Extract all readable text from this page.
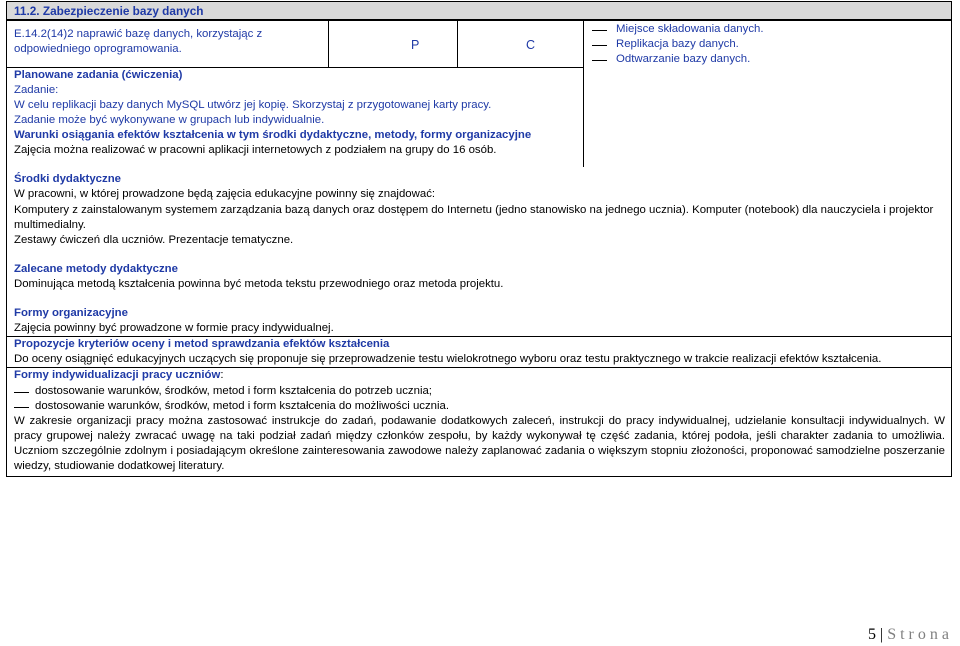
11.2. Zabezpieczenie bazy danych
E.14.2(14)2 naprawić bazę danych, korzystając z odpowiedniego oprogramowania.	P	C
Miejsce składowania danych.
Replikacja bazy danych.
Odtwarzanie bazy danych.
Planowane zadania (ćwiczenia)
Zadanie:
W celu replikacji bazy danych MySQL utwórz jej kopię. Skorzystaj z przygotowanej karty pracy.
Zadanie może być wykonywane w grupach lub indywidualnie.
Warunki osiągania efektów kształcenia w tym środki dydaktyczne, metody, formy organizacyjne
Zajęcia można realizować w pracowni aplikacji internetowych z podziałem na grupy do 16 osób.
Środki dydaktyczne
W pracowni, w której prowadzone będą zajęcia edukacyjne powinny się znajdować:
Komputery z zainstalowanym systemem zarządzania bazą danych oraz dostępem do Internetu (jedno stanowisko na jednego ucznia). Komputer (notebook) dla nauczyciela i projektor
multimedialny.
Zestawy ćwiczeń dla uczniów. Prezentacje tematyczne.
Zalecane metody dydaktyczne
Dominująca metodą kształcenia powinna być metoda tekstu przewodniego oraz metoda projektu.
Formy organizacyjne
Zajęcia powinny być prowadzone w formie pracy indywidualnej.
Propozycje kryteriów oceny i metod sprawdzania efektów kształcenia
Do oceny osiągnięć edukacyjnych uczących się proponuje się przeprowadzenie testu wielokrotnego wyboru oraz testu praktycznego w trakcie realizacji efektów kształcenia.
Formy indywidualizacji pracy uczniów:
dostosowanie warunków, środków, metod i form kształcenia do potrzeb ucznia;
dostosowanie warunków, środków, metod i form kształcenia do możliwości ucznia.
W zakresie organizacji pracy można zastosować instrukcje do zadań, podawanie dodatkowych zaleceń, instrukcji do pracy indywidualnej, udzielanie konsultacji indywidualnych. W pracy grupowej należy zwracać uwagę na taki podział zadań między członków zespołu, by każdy wykonywał tę część zadania, której podoła, jeśli charakter zadania to umożliwia. Uczniom szczególnie zdolnym i posiadającym określone zainteresowania zawodowe należy zaplanować zadania o większym stopniu złożoności, proponować samodzielne poszerzanie wiedzy, studiowanie dodatkowej literatury.
5 | Strona
